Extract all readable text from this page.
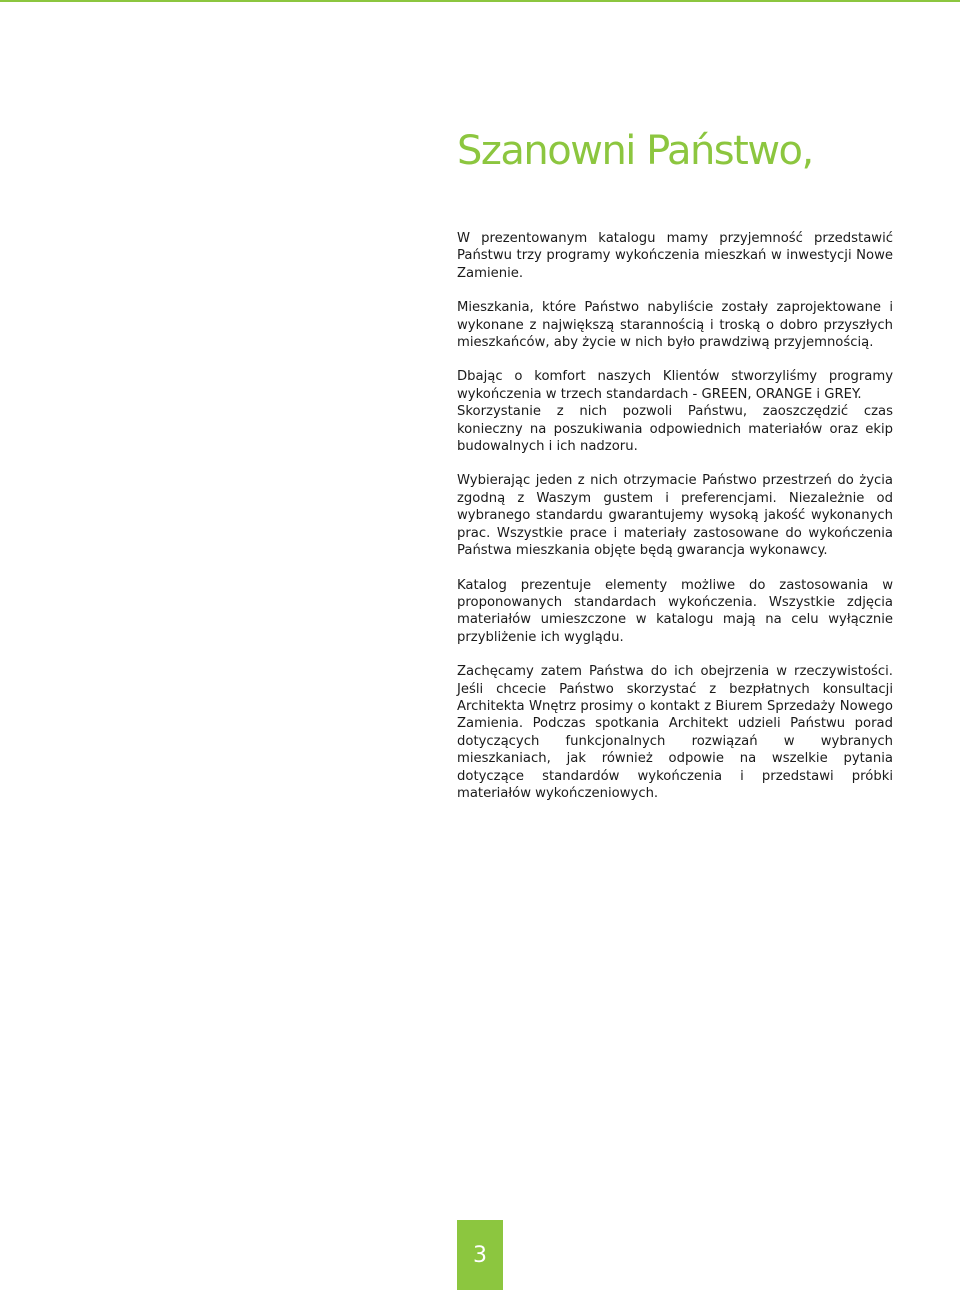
Szanowni Państwo,

W prezentowanym katalogu mamy przyjemność przedstawić Państwu trzy programy wykończenia mieszkań w inwestycji Nowe Zamienie.

Mieszkania, które Państwo nabyliście zostały zaprojektowane i wykonane z największą starannością i troską o dobro przyszłych mieszkańców, aby życie w nich było prawdziwą przyjemnością.

Dbając o komfort naszych Klientów stworzyliśmy programy wykończenia w trzech standardach - GREEN, ORANGE i GREY.

Skorzystanie z nich pozwoli Państwu, zaoszczędzić czas konieczny na poszukiwania odpowiednich materiałów oraz ekip budowalnych i ich nadzoru.

Wybierając jeden z nich otrzymacie Państwo przestrzeń do życia zgodną z Waszym gustem i preferencjami. Niezależnie od wybranego standardu gwarantujemy wysoką jakość wykonanych prac. Wszystkie prace i materiały zastosowane do wykończenia Państwa mieszkania objęte będą gwarancja wykonawcy.

Katalog prezentuje elementy możliwe do zastosowania w proponowanych standardach wykończenia. Wszystkie zdjęcia materiałów umieszczone w katalogu mają na celu wyłącznie przybliżenie ich wyglądu.

Zachęcamy zatem Państwa do ich obejrzenia w rzeczywistości. Jeśli chcecie Państwo skorzystać z bezpłatnych konsultacji Architekta Wnętrz prosimy o kontakt z Biurem Sprzedaży Nowego Zamienia. Podczas spotkania Architekt udzieli Państwu porad dotyczących funkcjonalnych rozwiązań w wybranych mieszkaniach, jak również odpowie na wszelkie pytania dotyczące standardów wykończenia i przedstawi próbki materiałów wykończeniowych.

3
